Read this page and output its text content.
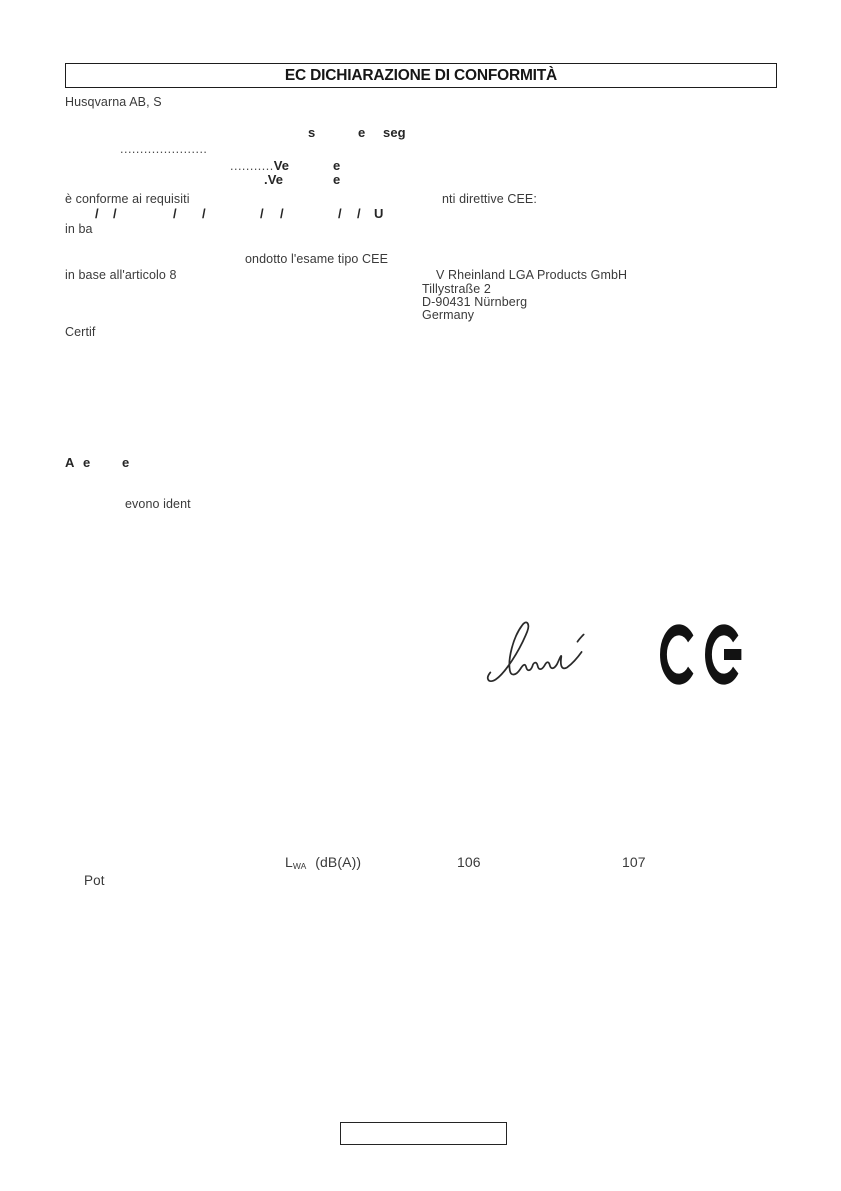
EC DICHIARAZIONE DI CONFORMITÀ
Husqvarna AB, S
s	e seg
......................
...........Ve	e
.Ve	e
è conforme ai requisiti	nti direttive CEE:
/ /	/ /	/ /	/ / U
in ba
ondotto l'esame tipo CEE
in base all'articolo 8	V Rheinland LGA Products GmbH
Tillystraße 2
D-90431 Nürnberg
Germany
Certif
A e e
evono ident
LWA (dB(A))	106	107
Pot
